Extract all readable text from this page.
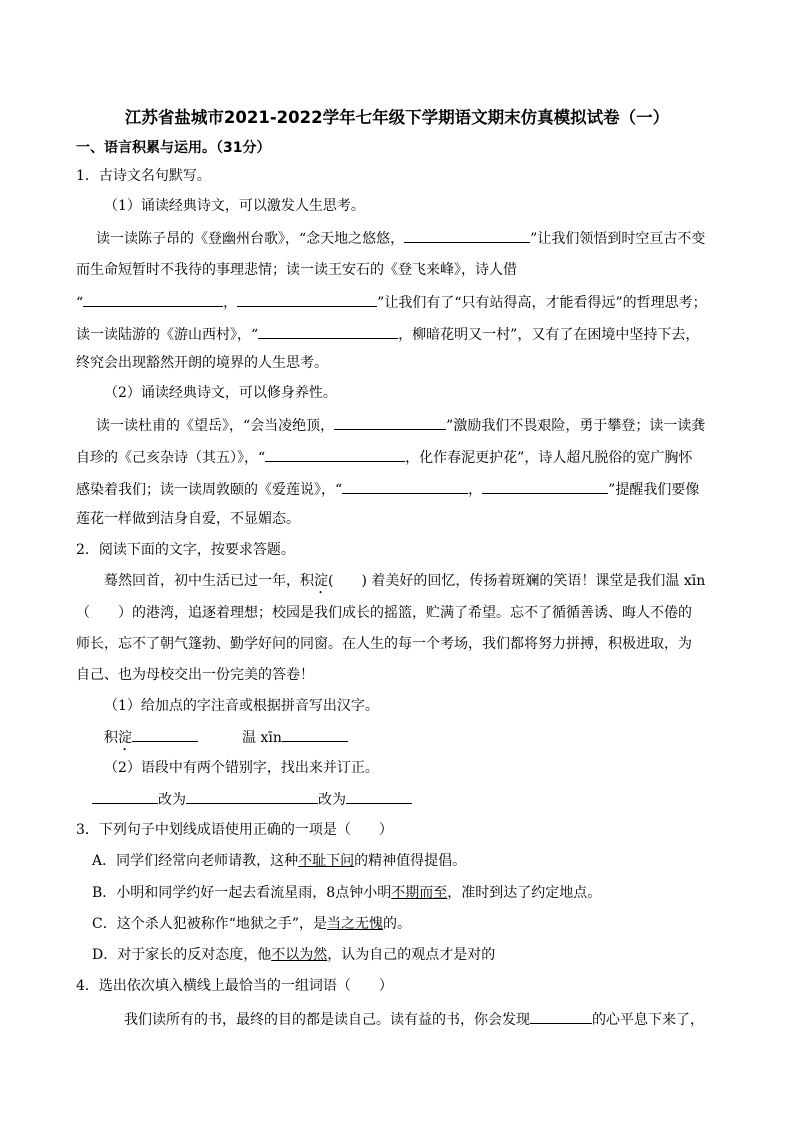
江苏省盐城市2021-2022学年七年级下学期语文期末仿真模拟试卷（一）
一、语言积累与运用。（31分）
1．古诗文名句默写。
（1）诵读经典诗文，可以激发人生思考。
读一读陈子昂的《登幽州台歌》，“念天地之悠悠，	”让我们领悟到时空亘古不变
而生命短暂时不我待的事理悲情；读一读王安石的《登飞来峰》，诗人借
“	，	”让我们有了“只有站得高，才能看得远”的哲理思考；
读一读陆游的《游山西村》，“	，柳暗花明又一村”，又有了在困境中坚持下去，
终究会出现豁然开朗的境界的人生思考。
（2）诵读经典诗文，可以修身养性。
读一读杜甫的《望岳》，“会当凌绝顶，	”激励我们不畏艰险，勇于攀登；读一读龚
自珍的《己亥杂诗（其五）》，“	，化作春泥更护花”，诗人超凡脱俗的宽广胸怀
感染着我们；读一读周敦颐的《爱莲说》，“	，	”提醒我们要像
莲花一样做到洁身自爱，不显媚态。
2．阅读下面的文字，按要求答题。
蓦然回首，初中生活已过一年，积淀(　　) 着美好的回忆，传扬着斑斓的笑语！课堂是我们温 xīn
（　　）的港湾，追逐着理想；校园是我们成长的摇篮，贮满了希望。忘不了循循善诱、晦人不倦的
师长，忘不了朝气篷勃、勤学好问的同窗。在人生的每一个考场，我们都将努力拼搏，积极进取，为
自己、也为母校交出一份完美的答卷！
（1）给加点的字注音或根据拼音写出汉字。
积淀	温 xīn
（2）语段中有两个错别字，找出来并订正。
改为	改为
3．下列句子中划线成语使用正确的一项是（　　）
A．同学们经常向老师请教，这种不耻下问的精神值得提倡。
B．小明和同学约好一起去看流星雨，8点钟小明不期而至，准时到达了约定地点。
C．这个杀人犯被称作“地狱之手”，是当之无愧的。
D．对于家长的反对态度，他不以为然，认为自己的观点才是对的
4．选出依次填入横线上最恰当的一组词语（　　）
我们读所有的书，最终的目的都是读自己。读有益的书，你会发现	的心平息下来了，
